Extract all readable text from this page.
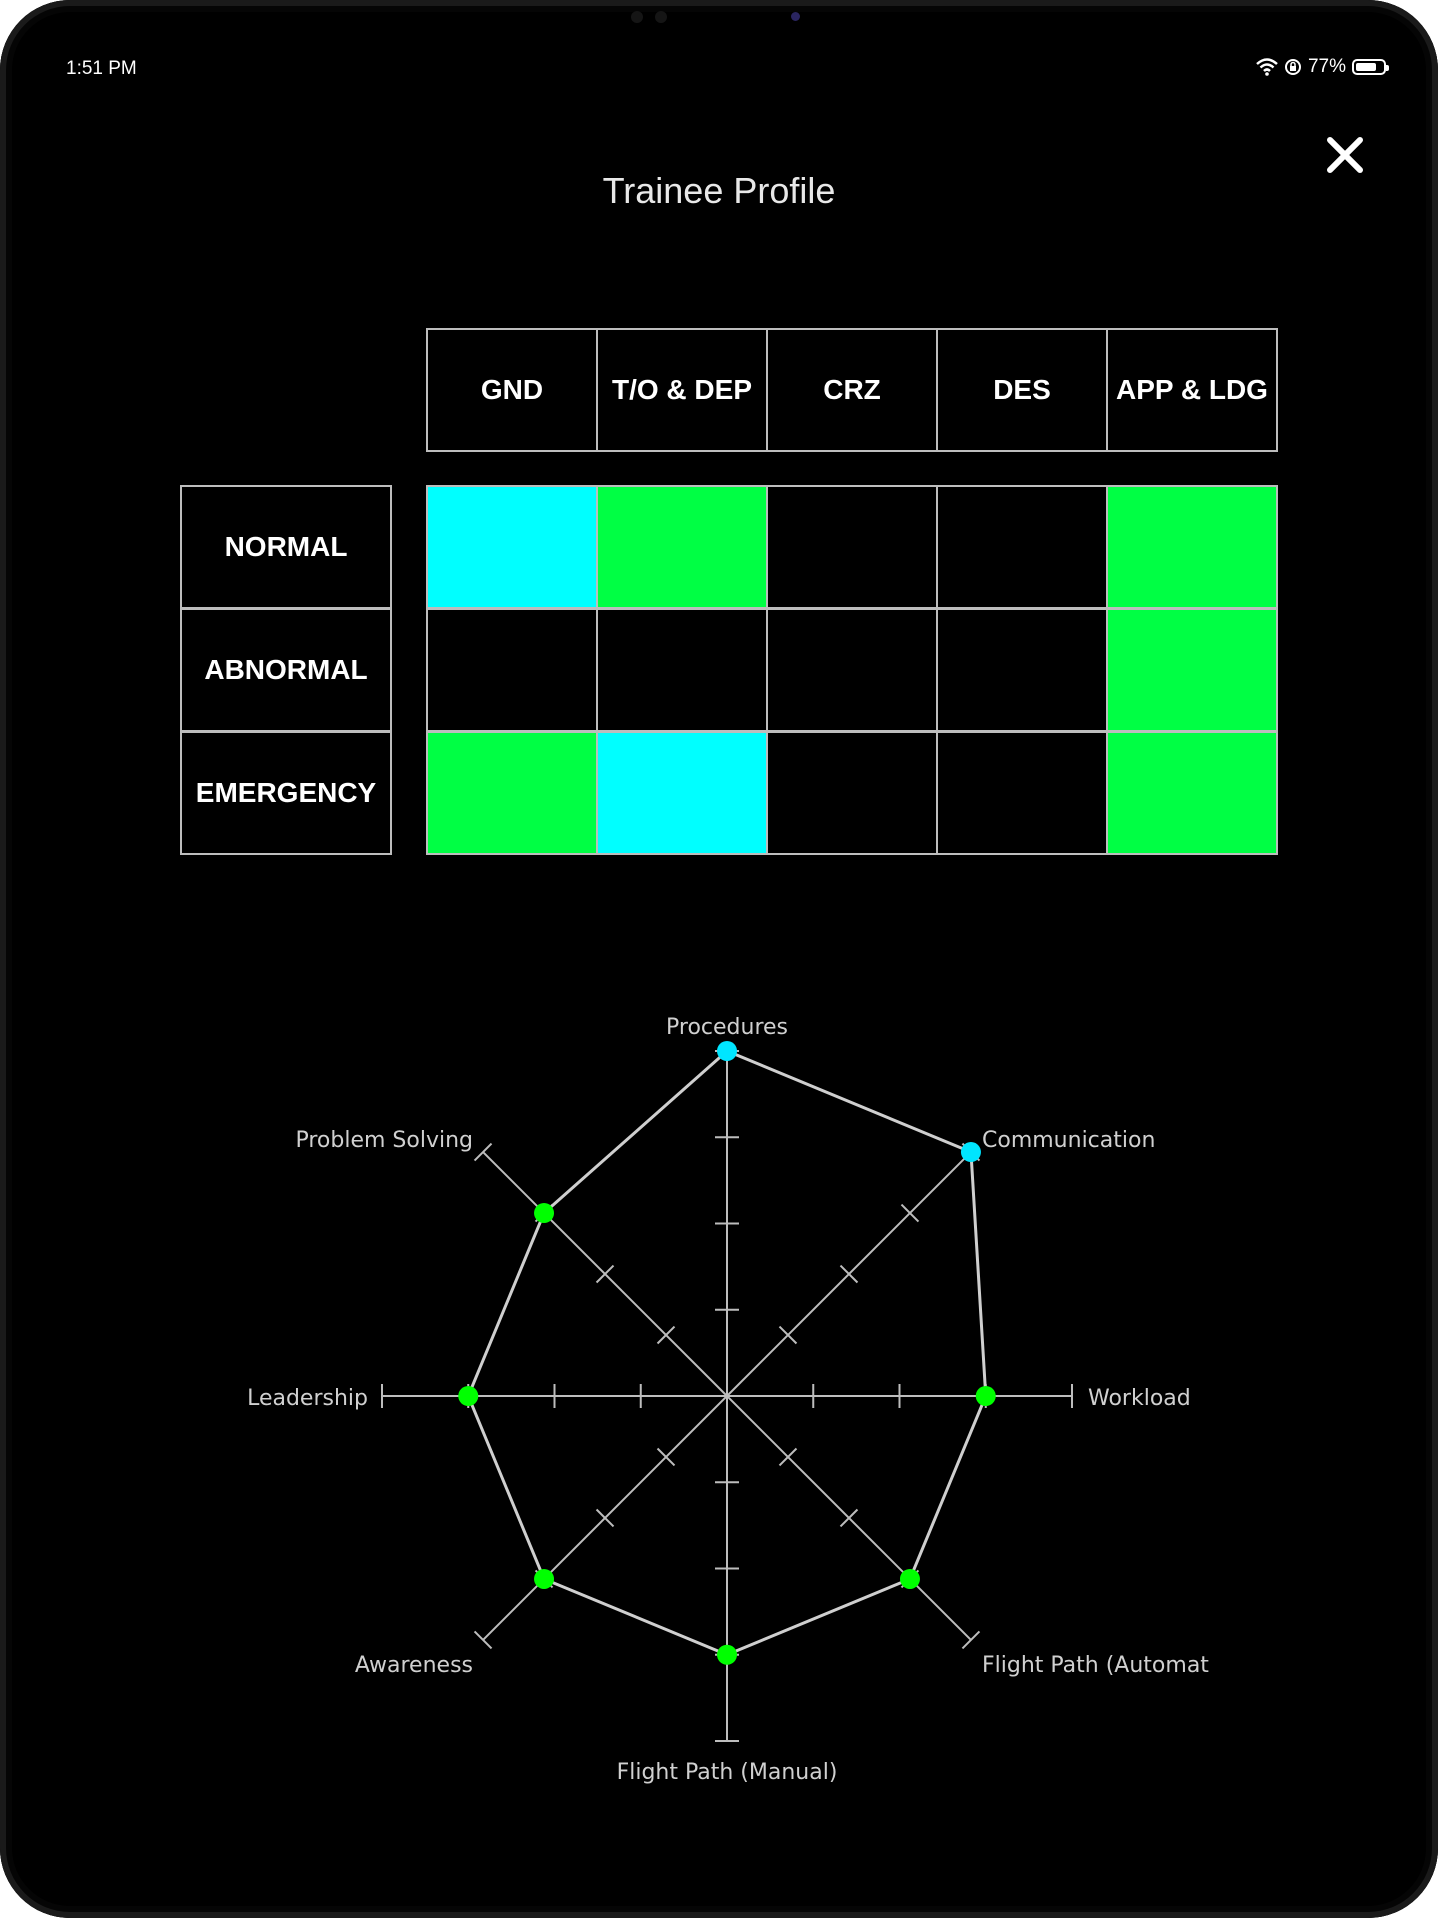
1:51 PM	77%
Trainee Profile
GND	T/O & DEP	CRZ	DES	APP & LDG
NORMAL
ABNORMAL
EMERGENCY
Procedures
Communication
Workload
Flight Path (Automat
Flight Path (Manual)
Awareness
Leadership
Problem Solving
